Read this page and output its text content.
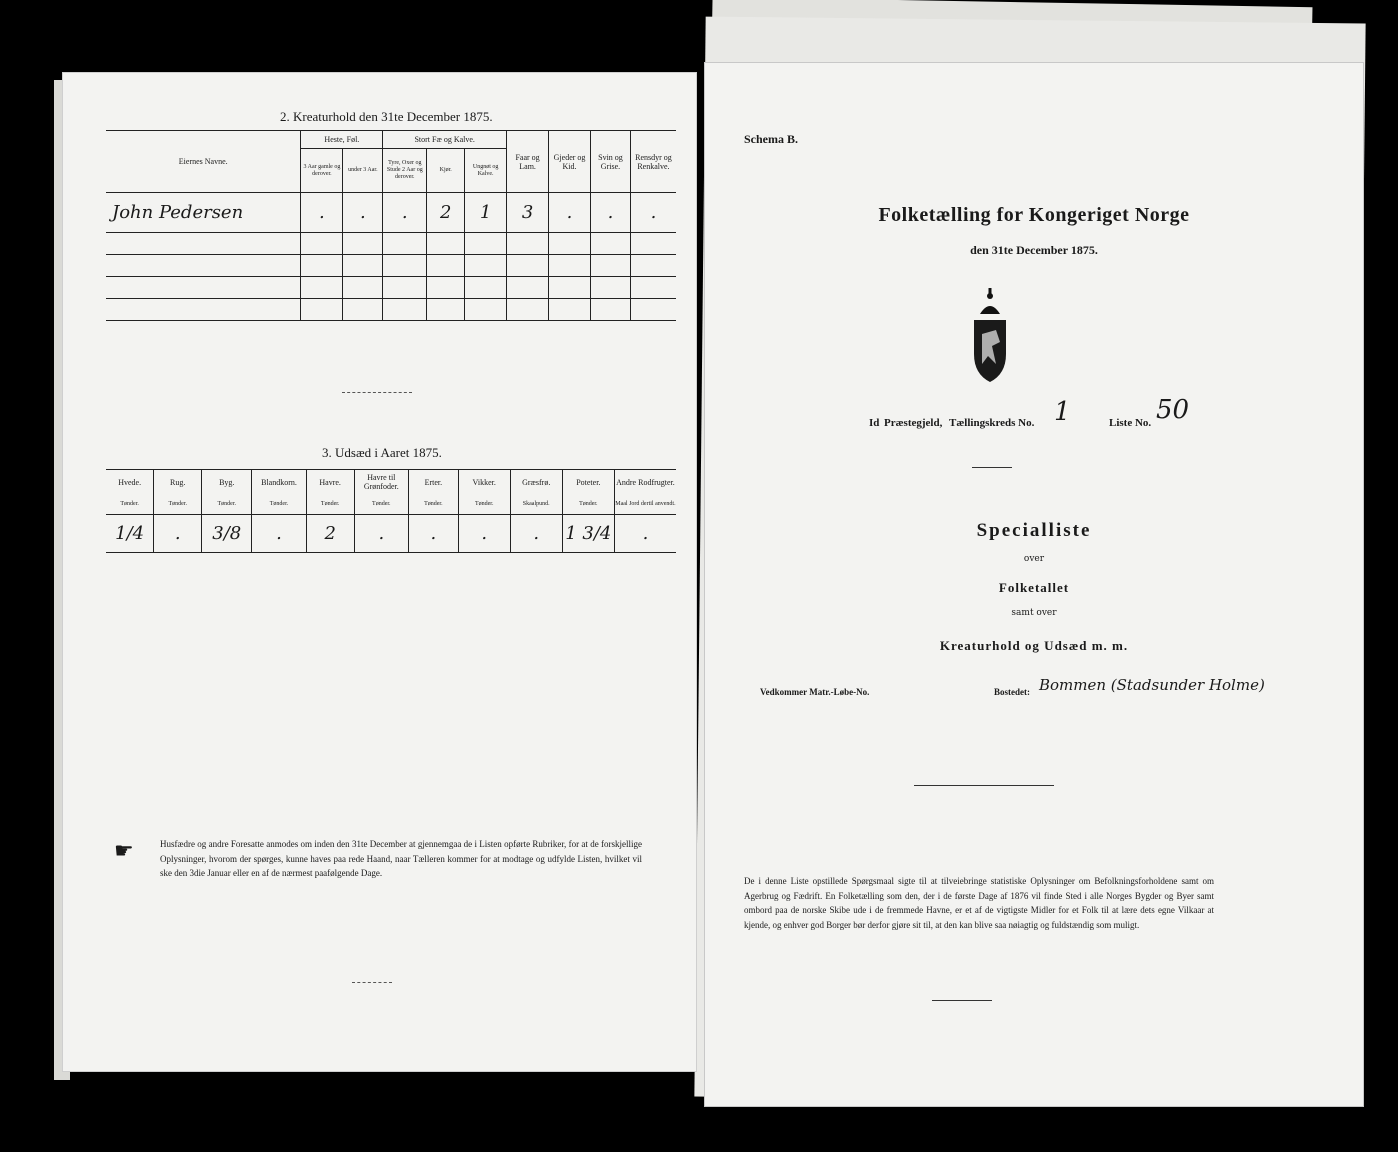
2. Kreaturhold den 31te December 1875.
Eiernes Navne.	Heste, Føl.		Stort Fæ og Kalve.			Faar og Lam.	Gjeder og Kid.	Svin og Grise.	Rensdyr og Renkalve.
	3 Aar gamle og derover.	under 3 Aar.	Tyre, Oxer og Stude 2 Aar og derover.	Kjør.	Ungnøt og Kalve.				
John Pedersen	.	.	.	2	1	3	.	.	.

3. Udsæd i Aaret 1875.
Hvede.	Rug.	Byg.	Blandkorn.	Havre.	Havre til Grønfoder.	Erter.	Vikker.	Græsfrø.	Poteter.	Andre Rodfrugter.
Tønder.	Tønder.	Tønder.	Tønder.	Tønder.	Tønder.	Tønder.	Tønder.	Skaalpund.	Tønder.	Maal Jord dertil anvendt.
1/4	.	3/8	.	2	.	.	.	.	1 3/4	.
☛	Husfædre og andre Foresatte anmodes om inden den 31te December at gjennemgaa de i Listen opførte Rubriker, for at de forskjellige Oplysninger, hvorom der spørges, kunne haves paa rede Haand, naar Tælleren kommer for at modtage og udfylde Listen, hvilket vil ske den 3die Januar eller en af de nærmest paafølgende Dage.
Schema B.
Folketælling for Kongeriget Norge
den 31te December 1875.
Id Præstegjeld, Tællingskreds No. 1	Liste No. 50
Specialliste
over
Folketallet
samt over
Kreaturhold og Udsæd m. m.
Vedkommer Matr.-Løbe-No.	Bostedet: Bommen (Stadsunder Holme)
De i denne Liste opstillede Spørgsmaal sigte til at tilveiebringe statistiske Oplysninger om Befolkningsforholdene samt om Agerbrug og Fædrift. En Folketælling som den, der i de første Dage af 1876 vil finde Sted i alle Norges Bygder og Byer samt ombord paa de norske Skibe ude i de fremmede Havne, er et af de vigtigste Midler for et Folk til at lære dets egne Vilkaar at kjende, og enhver god Borger bør derfor gjøre sit til, at den kan blive saa nøiagtig og fuldstændig som muligt.
